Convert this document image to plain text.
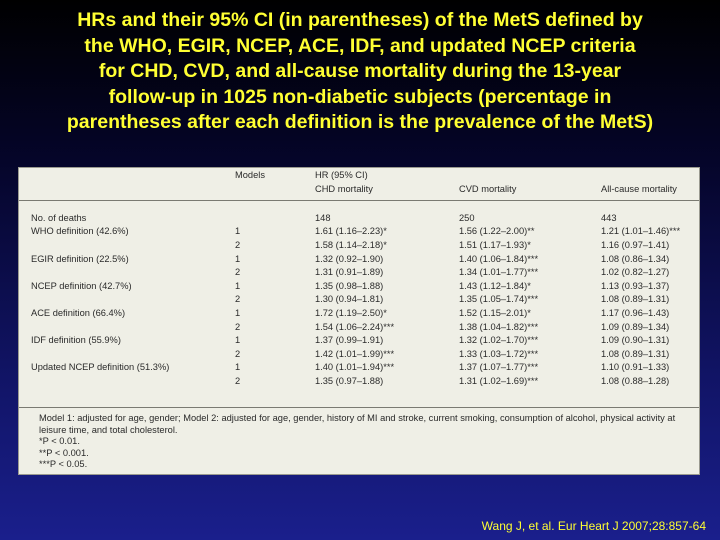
HRs and their 95% CI (in parentheses) of the MetS defined by
the WHO, EGIR, NCEP, ACE, IDF, and updated NCEP criteria
for CHD, CVD, and all-cause mortality during the 13-year
follow-up in 1025 non-diabetic subjects (percentage in
parentheses after each definition is the prevalence of the MetS)
	Models	HR (95% CI)		
		CHD mortality	CVD mortality	All-cause mortality

No. of deaths		148	250	443
WHO definition (42.6%)	1	1.61 (1.16–2.23)*	1.56 (1.22–2.00)**	1.21 (1.01–1.46)***
	2	1.58 (1.14–2.18)*	1.51 (1.17–1.93)*	1.16 (0.97–1.41)
EGIR definition (22.5%)	1	1.32 (0.92–1.90)	1.40 (1.06–1.84)***	1.08 (0.86–1.34)
	2	1.31 (0.91–1.89)	1.34 (1.01–1.77)***	1.02 (0.82–1.27)
NCEP definition (42.7%)	1	1.35 (0.98–1.88)	1.43 (1.12–1.84)*	1.13 (0.93–1.37)
	2	1.30 (0.94–1.81)	1.35 (1.05–1.74)***	1.08 (0.89–1.31)
ACE definition (66.4%)	1	1.72 (1.19–2.50)*	1.52 (1.15–2.01)*	1.17 (0.96–1.43)
	2	1.54 (1.06–2.24)***	1.38 (1.04–1.82)***	1.09 (0.89–1.34)
IDF definition (55.9%)	1	1.37 (0.99–1.91)	1.32 (1.02–1.70)***	1.09 (0.90–1.31)
	2	1.42 (1.01–1.99)***	1.33 (1.03–1.72)***	1.08 (0.89–1.31)
Updated NCEP definition (51.3%)	1	1.40 (1.01–1.94)***	1.37 (1.07–1.77)***	1.10 (0.91–1.33)
	2	1.35 (0.97–1.88)	1.31 (1.02–1.69)***	1.08 (0.88–1.28)
Model 1: adjusted for age, gender; Model 2: adjusted for age, gender, history of MI and stroke, current smoking, consumption of alcohol, physical activity at leisure time, and total cholesterol.
*P < 0.01.
**P < 0.001.
***P < 0.05.
Wang J, et al. Eur Heart J 2007;28:857-64
